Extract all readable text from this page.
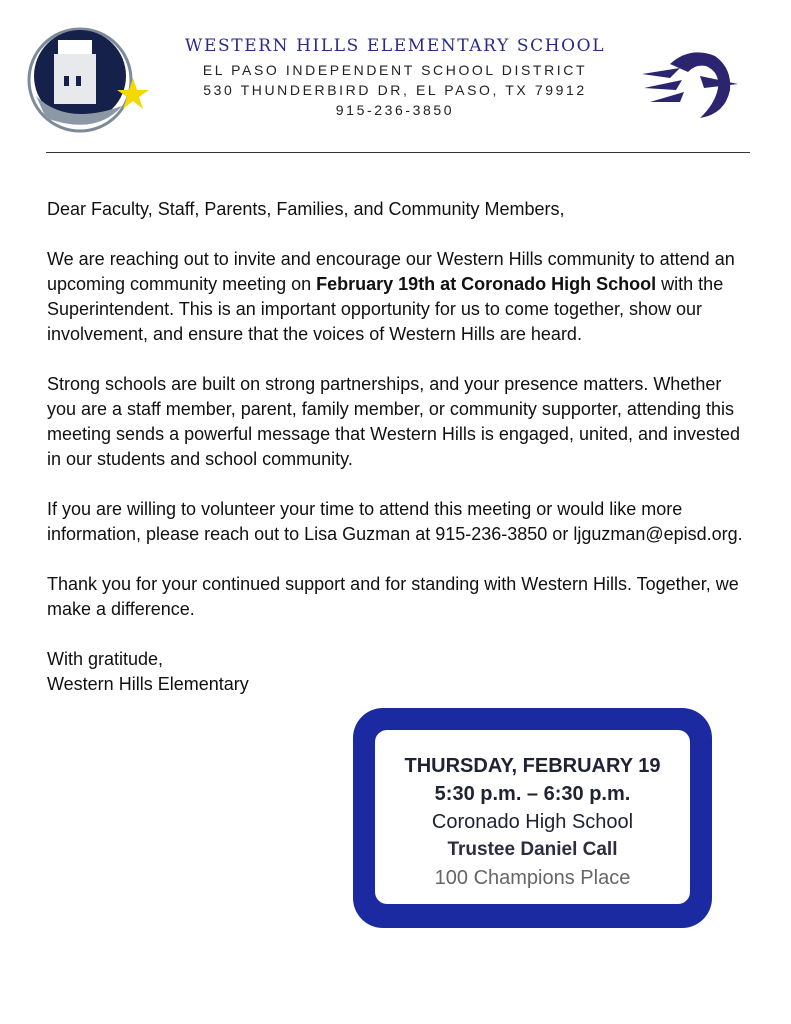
WESTERN HILLS ELEMENTARY SCHOOL
EL PASO INDEPENDENT SCHOOL DISTRICT
530 THUNDERBIRD DR, EL PASO, TX 79912
915-236-3850

Dear Faculty, Staff, Parents, Families, and Community Members,

We are reaching out to invite and encourage our Western Hills community to attend an upcoming community meeting on February 19th at Coronado High School with the Superintendent. This is an important opportunity for us to come together, show our involvement, and ensure that the voices of Western Hills are heard.

Strong schools are built on strong partnerships, and your presence matters. Whether you are a staff member, parent, family member, or community supporter, attending this meeting sends a powerful message that Western Hills is engaged, united, and invested in our students and school community.

If you are willing to volunteer your time to attend this meeting or would like more information, please reach out to Lisa Guzman at 915-236-3850 or ljguzman@episd.org.

Thank you for your continued support and for standing with Western Hills. Together, we make a difference.

With gratitude,
Western Hills Elementary
THURSDAY, FEBRUARY 19
5:30 p.m. – 6:30 p.m.
Coronado High School
Trustee Daniel Call
100 Champions Place
